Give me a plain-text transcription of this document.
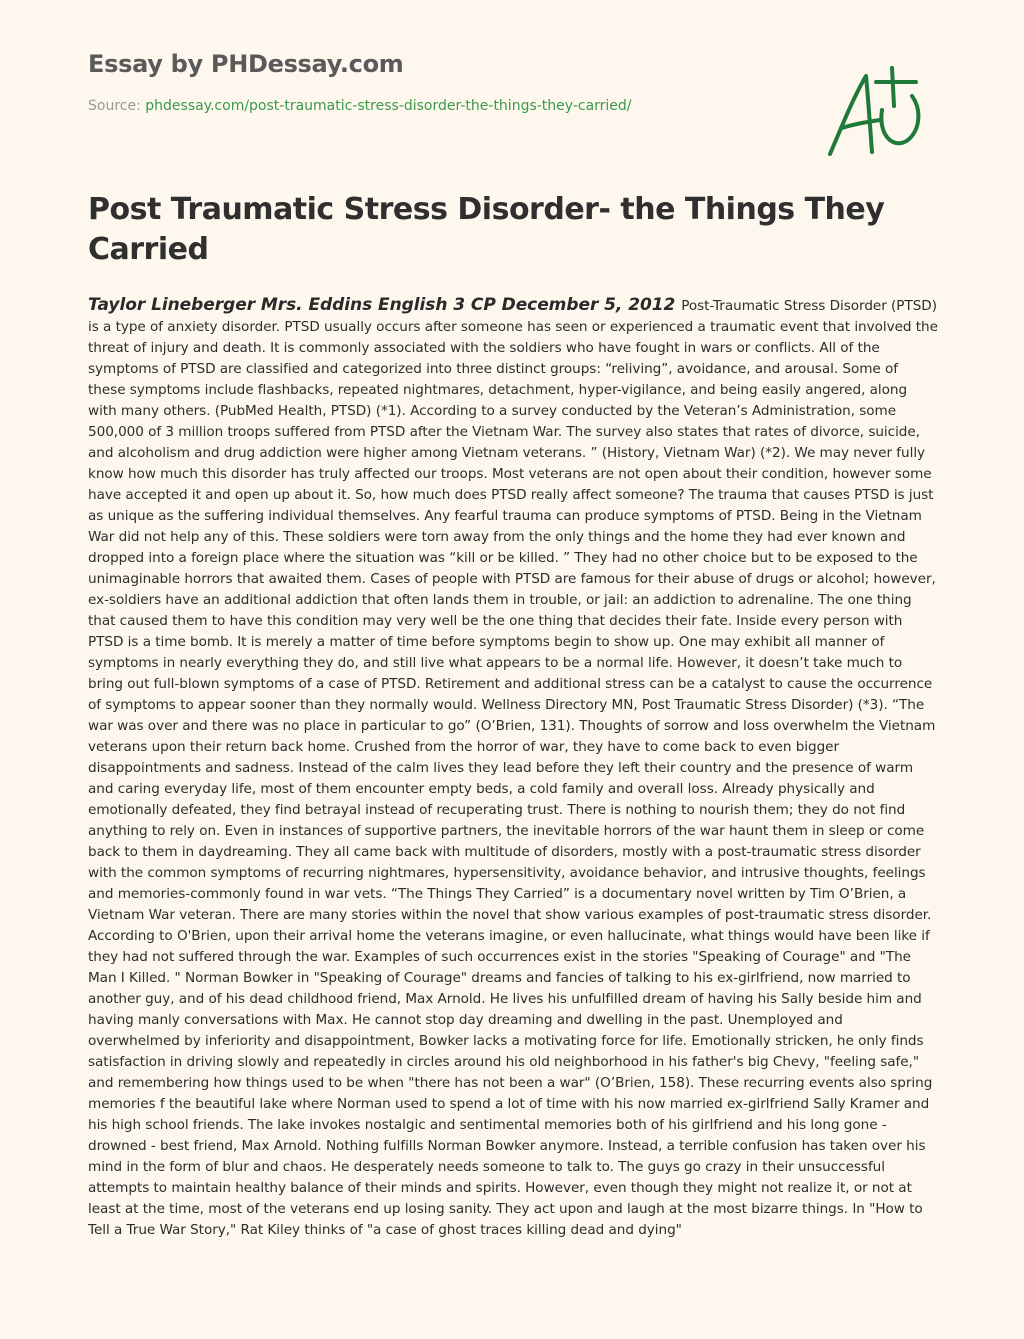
Essay by PHDessay.com
Source: phdessay.com/post-traumatic-stress-disorder-the-things-they-carried/
Post Traumatic Stress Disorder- the Things They Carried
Taylor Lineberger Mrs. Eddins English 3 CP December 5, 2012 Post-Traumatic Stress Disorder (PTSD) is a type of anxiety disorder. PTSD usually occurs after someone has seen or experienced a traumatic event that involved the threat of injury and death. It is commonly associated with the soldiers who have fought in wars or conflicts. All of the symptoms of PTSD are classified and categorized into three distinct groups: “reliving”, avoidance, and arousal. Some of these symptoms include flashbacks, repeated nightmares, detachment, hyper-vigilance, and being easily angered, along with many others. (PubMed Health, PTSD) (*1). According to a survey conducted by the Veteran’s Administration, some 500,000 of 3 million troops suffered from PTSD after the Vietnam War. The survey also states that rates of divorce, suicide, and alcoholism and drug addiction were higher among Vietnam veterans. ” (History, Vietnam War) (*2). We may never fully know how much this disorder has truly affected our troops. Most veterans are not open about their condition, however some have accepted it and open up about it. So, how much does PTSD really affect someone? The trauma that causes PTSD is just as unique as the suffering individual themselves. Any fearful trauma can produce symptoms of PTSD. Being in the Vietnam War did not help any of this. These soldiers were torn away from the only things and the home they had ever known and dropped into a foreign place where the situation was “kill or be killed. ” They had no other choice but to be exposed to the unimaginable horrors that awaited them. Cases of people with PTSD are famous for their abuse of drugs or alcohol; however, ex-soldiers have an additional addiction that often lands them in trouble, or jail: an addiction to adrenaline. The one thing that caused them to have this condition may very well be the one thing that decides their fate. Inside every person with PTSD is a time bomb. It is merely a matter of time before symptoms begin to show up. One may exhibit all manner of symptoms in nearly everything they do, and still live what appears to be a normal life. However, it doesn’t take much to bring out full-blown symptoms of a case of PTSD. Retirement and additional stress can be a catalyst to cause the occurrence of symptoms to appear sooner than they normally would. Wellness Directory MN, Post Traumatic Stress Disorder) (*3). “The war was over and there was no place in particular to go” (O’Brien, 131). Thoughts of sorrow and loss overwhelm the Vietnam veterans upon their return back home. Crushed from the horror of war, they have to come back to even bigger disappointments and sadness. Instead of the calm lives they lead before they left their country and the presence of warm and caring everyday life, most of them encounter empty beds, a cold family and overall loss. Already physically and emotionally defeated, they find betrayal instead of recuperating trust. There is nothing to nourish them; they do not find anything to rely on. Even in instances of supportive partners, the inevitable horrors of the war haunt them in sleep or come back to them in daydreaming. They all came back with multitude of disorders, mostly with a post-traumatic stress disorder with the common symptoms of recurring nightmares, hypersensitivity, avoidance behavior, and intrusive thoughts, feelings and memories-commonly found in war vets. “The Things They Carried” is a documentary novel written by Tim O’Brien, a Vietnam War veteran. There are many stories within the novel that show various examples of post-traumatic stress disorder. According to O'Brien, upon their arrival home the veterans imagine, or even hallucinate, what things would have been like if they had not suffered through the war. Examples of such occurrences exist in the stories "Speaking of Courage" and "The Man I Killed. " Norman Bowker in "Speaking of Courage" dreams and fancies of talking to his ex-girlfriend, now married to another guy, and of his dead childhood friend, Max Arnold. He lives his unfulfilled dream of having his Sally beside him and having manly conversations with Max. He cannot stop day dreaming and dwelling in the past. Unemployed and overwhelmed by inferiority and disappointment, Bowker lacks a motivating force for life. Emotionally stricken, he only finds satisfaction in driving slowly and repeatedly in circles around his old neighborhood in his father's big Chevy, "feeling safe," and remembering how things used to be when "there has not been a war" (O’Brien, 158). These recurring events also spring memories f the beautiful lake where Norman used to spend a lot of time with his now married ex-girlfriend Sally Kramer and his high school friends. The lake invokes nostalgic and sentimental memories both of his girlfriend and his long gone - drowned - best friend, Max Arnold. Nothing fulfills Norman Bowker anymore. Instead, a terrible confusion has taken over his mind in the form of blur and chaos. He desperately needs someone to talk to. The guys go crazy in their unsuccessful attempts to maintain healthy balance of their minds and spirits. However, even though they might not realize it, or not at least at the time, most of the veterans end up losing sanity. They act upon and laugh at the most bizarre things. In "How to Tell a True War Story," Rat Kiley thinks of "a case of ghost traces killing dead and dying"
